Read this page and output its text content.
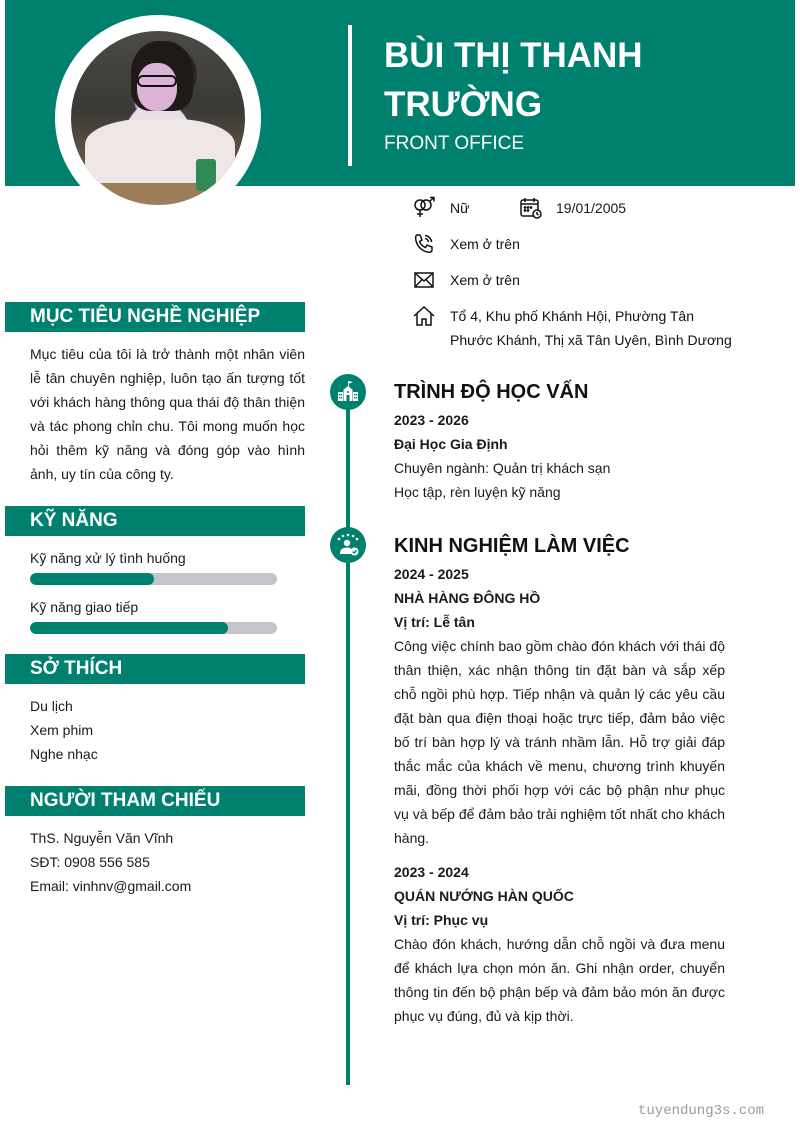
BÙI THỊ THANH
TRƯỜNG
FRONT OFFICE
Nữ	19/01/2005
Xem ở trên
Xem ở trên
Tổ 4, Khu phố Khánh Hội, Phường Tân Phước Khánh, Thị xã Tân Uyên, Bình Dương
MỤC TIÊU NGHỀ NGHIỆP
Mục tiêu của tôi là trở thành một nhân viên lễ tân chuyên nghiệp, luôn tạo ấn tượng tốt với khách hàng thông qua thái độ thân thiện và tác phong chỉn chu. Tôi mong muốn học hỏi thêm kỹ năng và đóng góp vào hình ảnh, uy tín của công ty.
KỸ NĂNG
Kỹ năng xử lý tình huống
Kỹ năng giao tiếp
SỞ THÍCH
Du lịch
Xem phim
Nghe nhạc
NGƯỜI THAM CHIẾU
ThS. Nguyễn Văn Vĩnh
SĐT: 0908 556 585
Email: vinhnv@gmail.com
TRÌNH ĐỘ HỌC VẤN
2023 - 2026
Đại Học Gia Định
Chuyên ngành: Quản trị khách sạn
Học tập, rèn luyện kỹ năng
KINH NGHIỆM LÀM VIỆC
2024 - 2025
NHÀ HÀNG ĐÔNG HỒ
Vị trí: Lễ tân
Công việc chính bao gồm chào đón khách với thái độ thân thiện, xác nhận thông tin đặt bàn và sắp xếp chỗ ngồi phù hợp. Tiếp nhận và quản lý các yêu cầu đặt bàn qua điện thoại hoặc trực tiếp, đảm bảo việc bố trí bàn hợp lý và tránh nhầm lẫn. Hỗ trợ giải đáp thắc mắc của khách về menu, chương trình khuyến mãi, đồng thời phối hợp với các bộ phận như phục vụ và bếp để đảm bảo trải nghiệm tốt nhất cho khách hàng.
2023 - 2024
QUÁN NƯỚNG HÀN QUỐC
Vị trí: Phục vụ
Chào đón khách, hướng dẫn chỗ ngồi và đưa menu để khách lựa chọn món ăn. Ghi nhận order, chuyển thông tin đến bộ phận bếp và đảm bảo món ăn được phục vụ đúng, đủ và kịp thời.
tuyendung3s.com
